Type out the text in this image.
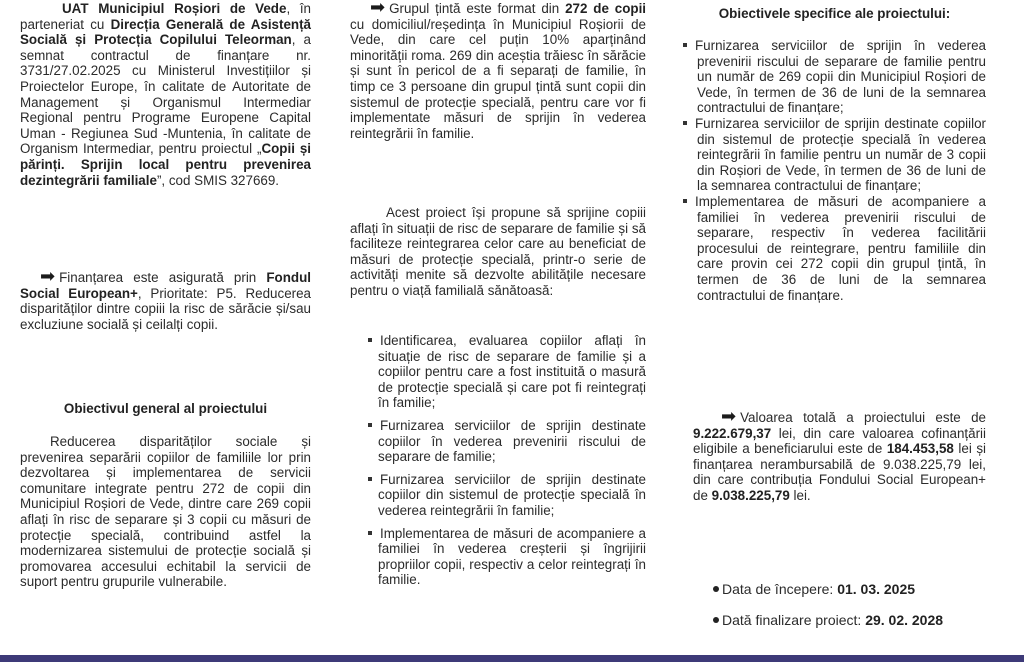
UAT Municipiul Roșiori de Vede, în parteneriat cu Direcția Generală de Asistență Socială și Protecția Copilului Teleorman, a semnat contractul de finanțare nr. 3731/27.02.2025 cu Ministerul Investițiilor și Proiectelor Europe, în calitate de Autoritate de Management și Organismul Intermediar Regional pentru Programe Europene Capital Uman - Regiunea Sud -Muntenia, în calitate de Organism Intermediar, pentru proiectul „Copii și părinți. Sprijin local pentru prevenirea dezintegrării familiale”, cod SMIS 327669.

➡ Finanțarea este asigurată prin Fondul Social European+, Prioritate: P5. Reducerea disparităților dintre copiii la risc de sărăcie și/sau excluziune socială și ceilalți copii.

Obiectivul general al proiectului

Reducerea disparităților sociale și prevenirea separării copiilor de familiile lor prin dezvoltarea și implementarea de servicii comunitare integrate pentru 272 de copii din Municipiul Roșiori de Vede, dintre care 269 copii aflați în risc de separare și 3 copii cu măsuri de protecție specială, contribuind astfel la modernizarea sistemului de protecție socială și promovarea accesului echitabil la servicii de suport pentru grupurile vulnerabile.

➡ Grupul țintă este format din 272 de copii cu domiciliul/reședința în Municipiul Roșiorii de Vede, din care cel puțin 10% aparținând minorității roma. 269 din aceștia trăiesc în sărăcie și sunt în pericol de a fi separați de familie, în timp ce 3 persoane din grupul țintă sunt copii din sistemul de protecție specială, pentru care vor fi implementate măsuri de sprijin în vederea reintegrării în familie.

Acest proiect își propune să sprijine copiii aflați în situații de risc de separare de familie și să faciliteze reintegrarea celor care au beneficiat de măsuri de protecție specială, printr-o serie de activități menite să dezvolte abilitățile necesare pentru o viață familială sănătoasă:

Identificarea, evaluarea copiilor aflați în situație de risc de separare de familie și a copiilor pentru care a fost instituită o masură de protecție specială și care pot fi reintegrați în familie;
Furnizarea serviciilor de sprijin destinate copiilor în vederea prevenirii riscului de separare de familie;
Furnizarea serviciilor de sprijin destinate copiilor din sistemul de protecție specială în vederea reintegrării în familie;
Implementarea de măsuri de acompaniere a familiei în vederea creșterii și îngrijirii propriilor copii, respectiv a celor reintegrați în familie.
Obiectivele specifice ale proiectului:
Furnizarea serviciilor de sprijin în vederea prevenirii riscului de separare de familie pentru un număr de 269 copii din Municipiul Roșiori de Vede, în termen de 36 de luni de la semnarea contractului de finanțare;
Furnizarea serviciilor de sprijin destinate copiilor din sistemul de protecție specială în vederea reintegrării în familie pentru un număr de 3 copii din Roșiori de Vede, în termen de 36 de luni de la semnarea contractului de finanțare;
Implementarea de măsuri de acompaniere a familiei în vederea prevenirii riscului de separare, respectiv în vederea facilitării procesului de reintegrare, pentru familiile din care provin cei 272 copii din grupul țintă, în termen de 36 de luni de la semnarea contractului de finanțare.

➡ Valoarea totală a proiectului este de 9.222.679,37 lei, din care valoarea cofinanțării eligibile a beneficiarului este de 184.453,58 lei și finanțarea nerambursabilă de 9.038.225,79 lei, din care contribuția Fondului Social European+ de 9.038.225,79 lei.

Data de începere: 01. 03. 2025
Dată finalizare proiect: 29. 02. 2028
